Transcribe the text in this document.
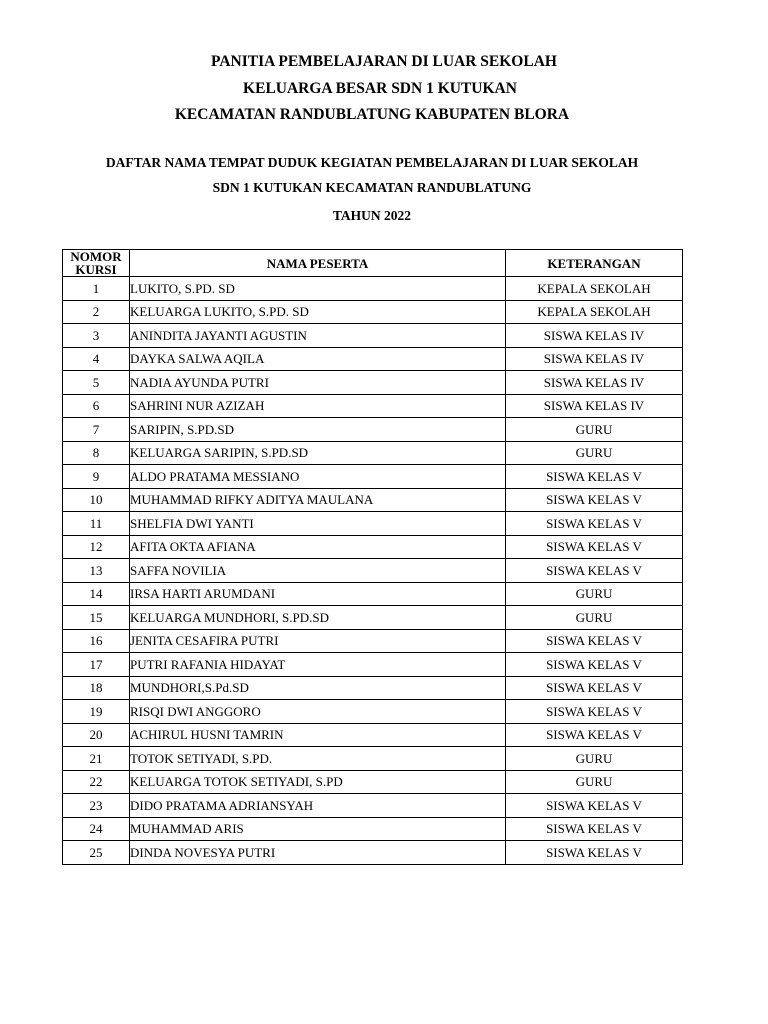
PANITIA PEMBELAJARAN DI LUAR SEKOLAH
KELUARGA BESAR SDN 1 KUTUKAN
KECAMATAN RANDUBLATUNG KABUPATEN BLORA
DAFTAR NAMA TEMPAT DUDUK KEGIATAN PEMBELAJARAN DI LUAR SEKOLAH
SDN 1 KUTUKAN KECAMATAN RANDUBLATUNG
TAHUN 2022
NOMOR
KURSI	NAMA PESERTA	KETERANGAN
1	LUKITO, S.PD. SD	KEPALA SEKOLAH
2	KELUARGA LUKITO, S.PD. SD	KEPALA SEKOLAH
3	ANINDITA JAYANTI AGUSTIN	SISWA KELAS IV
4	DAYKA SALWA AQILA	SISWA KELAS IV
5	NADIA AYUNDA PUTRI	SISWA KELAS IV
6	SAHRINI NUR AZIZAH	SISWA KELAS IV
7	SARIPIN, S.PD.SD	GURU
8	KELUARGA SARIPIN, S.PD.SD	GURU
9	ALDO PRATAMA MESSIANO	SISWA KELAS V
10	MUHAMMAD RIFKY ADITYA MAULANA	SISWA KELAS V
11	SHELFIA DWI YANTI	SISWA KELAS V
12	AFITA OKTA AFIANA	SISWA KELAS V
13	SAFFA NOVILIA	SISWA KELAS V
14	IRSA HARTI ARUMDANI	GURU
15	KELUARGA MUNDHORI, S.PD.SD	GURU
16	JENITA CESAFIRA PUTRI	SISWA KELAS V
17	PUTRI RAFANIA HIDAYAT	SISWA KELAS V
18	MUNDHORI,S.Pd.SD	SISWA KELAS V
19	RISQI DWI ANGGORO	SISWA KELAS V
20	ACHIRUL HUSNI TAMRIN	SISWA KELAS V
21	TOTOK SETIYADI, S.PD.	GURU
22	KELUARGA TOTOK SETIYADI, S.PD	GURU
23	DIDO PRATAMA ADRIANSYAH	SISWA KELAS V
24	MUHAMMAD ARIS	SISWA KELAS V
25	DINDA NOVESYA PUTRI	SISWA KELAS V
